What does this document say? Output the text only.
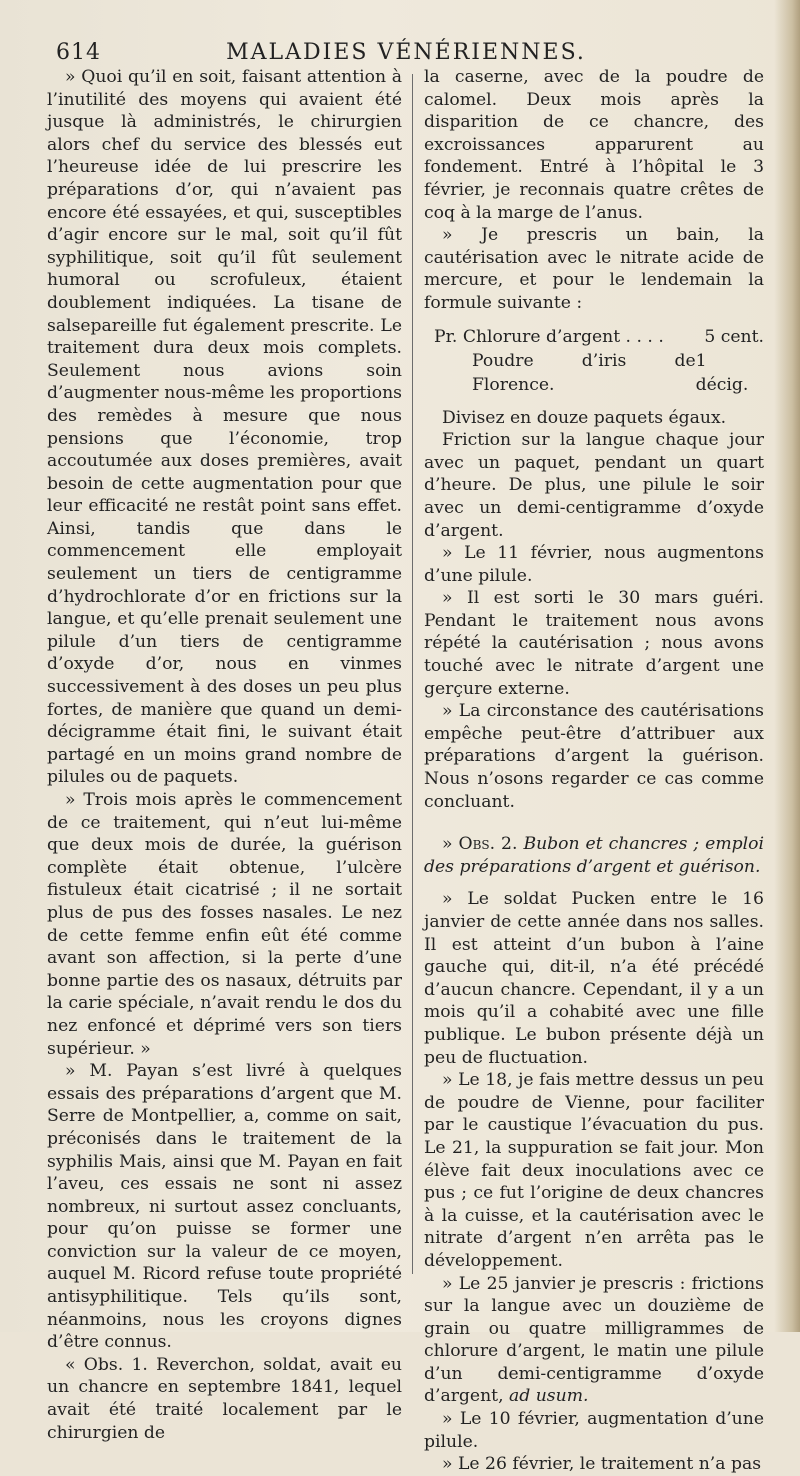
614	MALADIES VÉNÉRIENNES.

» Quoi qu’il en soit, faisant attention à l’inutilité des moyens qui avaient été jusque là administrés, le chirurgien alors chef du service des blessés eut l’heureuse idée de lui prescrire les préparations d’or, qui n’avaient pas encore été essayées, et qui, susceptibles d’agir encore sur le mal, soit qu’il fût syphilitique, soit qu’il fût seulement humoral ou scrofuleux, étaient doublement indiquées. La tisane de salsepareille fut également prescrite. Le traitement dura deux mois complets. Seulement nous avions soin d’augmenter nous-même les proportions des remèdes à mesure que nous pensions que l’économie, trop accoutumée aux doses premières, avait besoin de cette augmentation pour que leur efficacité ne restât point sans effet. Ainsi, tandis que dans le commencement elle employait seulement un tiers de centigramme d’hydrochlorate d’or en frictions sur la langue, et qu’elle prenait seulement une pilule d’un tiers de centigramme d’oxyde d’or, nous en vinmes successivement à des doses un peu plus fortes, de manière que quand un demi-décigramme était fini, le suivant était partagé en un moins grand nombre de pilules ou de paquets.

» Trois mois après le commencement de ce traitement, qui n’eut lui-même que deux mois de durée, la guérison complète était obtenue, l’ulcère fistuleux était cicatrisé ; il ne sortait plus de pus des fosses nasales. Le nez de cette femme enfin eût été comme avant son affection, si la perte d’une bonne partie des os nasaux, détruits par la carie spéciale, n’avait rendu le dos du nez enfoncé et déprimé vers son tiers supérieur. »

» M. Payan s’est livré à quelques essais des préparations d’argent que M. Serre de Montpellier, a, comme on sait, préconisés dans le traitement de la syphilis Mais, ainsi que M. Payan en fait l’aveu, ces essais ne sont ni assez nombreux, ni surtout assez concluants, pour qu’on puisse se former une conviction sur la valeur de ce moyen, auquel M. Ricord refuse toute propriété antisyphilitique. Tels qu’ils sont, néanmoins, nous les croyons dignes d’être connus.

« Obs. 1. Reverchon, soldat, avait eu un chancre en septembre 1841, lequel avait été traité localement par le chirurgien de

la caserne, avec de la poudre de calomel. Deux mois après la disparition de ce chancre, des excroissances apparurent au fondement. Entré à l’hôpital le 3 février, je reconnais quatre crêtes de coq à la marge de l’anus.

» Je prescris un bain, la cautérisation avec le nitrate acide de mercure, et pour le lendemain la formule suivante :

Pr. Chlorure d’argent . . . . 5 cent.
Poudre d’iris de Florence.
1 décig.

Divisez en douze paquets égaux.

Friction sur la langue chaque jour avec un paquet, pendant un quart d’heure. De plus, une pilule le soir avec un demi-centigramme d’oxyde d’argent.

» Le 11 février, nous augmentons d’une pilule.

» Il est sorti le 30 mars guéri. Pendant le traitement nous avons répété la cautérisation ; nous avons touché avec le nitrate d’argent une gerçure externe.

» La circonstance des cautérisations empêche peut-être d’attribuer aux préparations d’argent la guérison. Nous n’osons regarder ce cas comme concluant.

» Obs. 2. Bubon et chancres ; emploi des préparations d’argent et guérison.

» Le soldat Pucken entre le 16 janvier de cette année dans nos salles. Il est atteint d’un bubon à l’aine gauche qui, dit-il, n’a été précédé d’aucun chancre. Cependant, il y a un mois qu’il a cohabité avec une fille publique. Le bubon présente déjà un peu de fluctuation.

» Le 18, je fais mettre dessus un peu de poudre de Vienne, pour faciliter par le caustique l’évacuation du pus. Le 21, la suppuration se fait jour. Mon élève fait deux inoculations avec ce pus ; ce fut l’origine de deux chancres à la cuisse, et la cautérisation avec le nitrate d’argent n’en arrêta pas le développement.

» Le 25 janvier je prescris : frictions sur la langue avec un douzième de grain ou quatre milligrammes de chlorure d’argent, le matin une pilule d’un demi-centigramme d’oxyde d’argent, ad usum.

» Le 10 février, augmentation d’une pilule.

» Le 26 février, le traitement n’a pas
